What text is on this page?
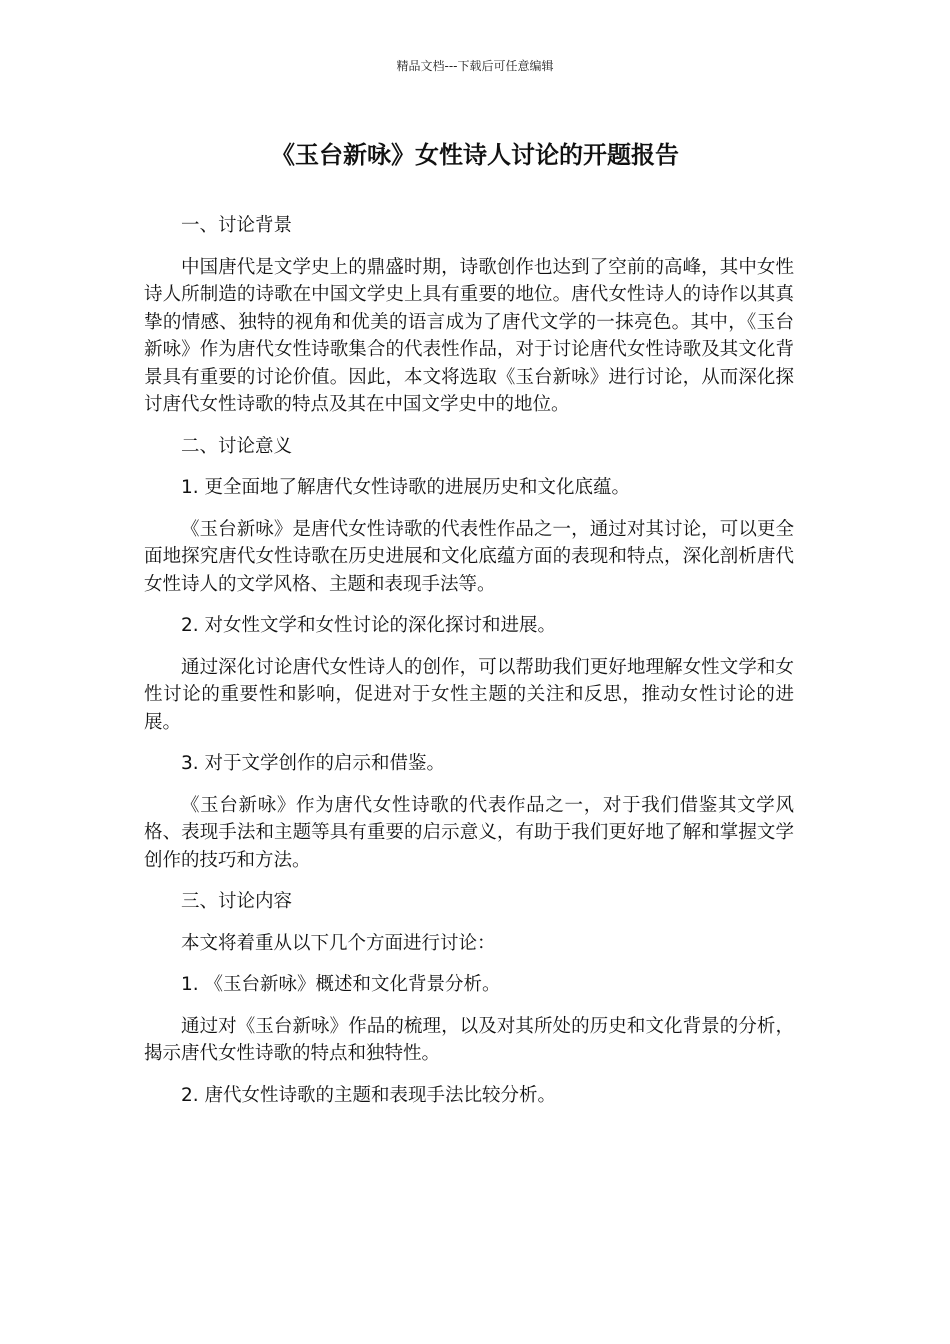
精品文档---下载后可任意编辑
《玉台新咏》女性诗人讨论的开题报告

一、讨论背景

中国唐代是文学史上的鼎盛时期，诗歌创作也达到了空前的高峰，其中女性诗人所制造的诗歌在中国文学史上具有重要的地位。唐代女性诗人的诗作以其真挚的情感、独特的视角和优美的语言成为了唐代文学的一抹亮色。其中，《玉台新咏》作为唐代女性诗歌集合的代表性作品，对于讨论唐代女性诗歌及其文化背景具有重要的讨论价值。因此，本文将选取《玉台新咏》进行讨论，从而深化探讨唐代女性诗歌的特点及其在中国文学史中的地位。

二、讨论意义

1. 更全面地了解唐代女性诗歌的进展历史和文化底蕴。

《玉台新咏》是唐代女性诗歌的代表性作品之一，通过对其讨论，可以更全面地探究唐代女性诗歌在历史进展和文化底蕴方面的表现和特点，深化剖析唐代女性诗人的文学风格、主题和表现手法等。

2. 对女性文学和女性讨论的深化探讨和进展。

通过深化讨论唐代女性诗人的创作，可以帮助我们更好地理解女性文学和女性讨论的重要性和影响，促进对于女性主题的关注和反思，推动女性讨论的进展。

3. 对于文学创作的启示和借鉴。

《玉台新咏》作为唐代女性诗歌的代表作品之一，对于我们借鉴其文学风格、表现手法和主题等具有重要的启示意义，有助于我们更好地了解和掌握文学创作的技巧和方法。

三、讨论内容

本文将着重从以下几个方面进行讨论：

1. 《玉台新咏》概述和文化背景分析。

通过对《玉台新咏》作品的梳理，以及对其所处的历史和文化背景的分析，揭示唐代女性诗歌的特点和独特性。

2. 唐代女性诗歌的主题和表现手法比较分析。
